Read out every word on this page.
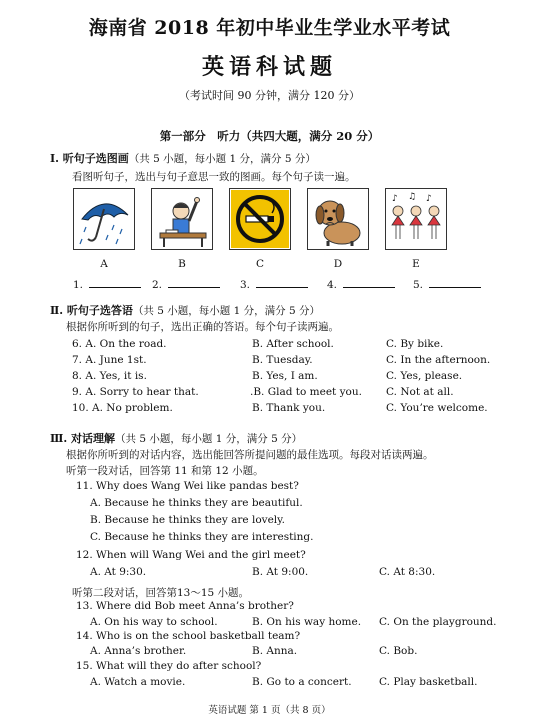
海南省 2018 年初中毕业生学业水平考试
英语科试题
（考试时间 90 分钟，满分 120 分）
第一部分　听力（共四大题，满分 20 分）
Ⅰ. 听句子选图画（共 5 小题，每小题 1 分，满分 5 分）
看图听句子，选出与句子意思一致的图画。每个句子读一遍。
♪ ♫ ♪
A	B	C	D	E
1.	2.	3.	4.	5.
Ⅱ. 听句子选答语（共 5 小题，每小题 1 分，满分 5 分）
根据你所听到的句子，选出正确的答语。每个句子读两遍。
6. A. On the road.	B. After school.	C. By bike.
7. A. June 1st.	B. Tuesday.	C. In the afternoon.
8. A. Yes, it is.	B. Yes, I am.	C. Yes, please.
9. A. Sorry to hear that.	.B. Glad to meet you. C. Not at all.
10. A. No problem.	B. Thank you.	C. You’re welcome.
Ⅲ. 对话理解（共 5 小题，每小题 1 分，满分 5 分）
根据你所听到的对话内容，选出能回答所提问题的最佳选项。每段对话读两遍。
听第一段对话，回答第 11 和第 12 小题。
11. Why does Wang Wei like pandas best?
A. Because he thinks they are beautiful.
B. Because he thinks they are lovely.
C. Because he thinks they are interesting.
12. When will Wang Wei and the girl meet?
A. At 9:30.	B. At 9:00.	C. At 8:30.
听第二段对话，回答第13～15 小题。
13. Where did Bob meet Anna’s brother?
A. On his way to school.	B. On his way home. C. On the playground.
14. Who is on the school basketball team?
A. Anna’s brother.	B. Anna.	C. Bob.
15. What will they do after school?
A. Watch a movie.	B. Go to a concert.	C. Play basketball.
英语试题 第 1 页（共 8 页）
